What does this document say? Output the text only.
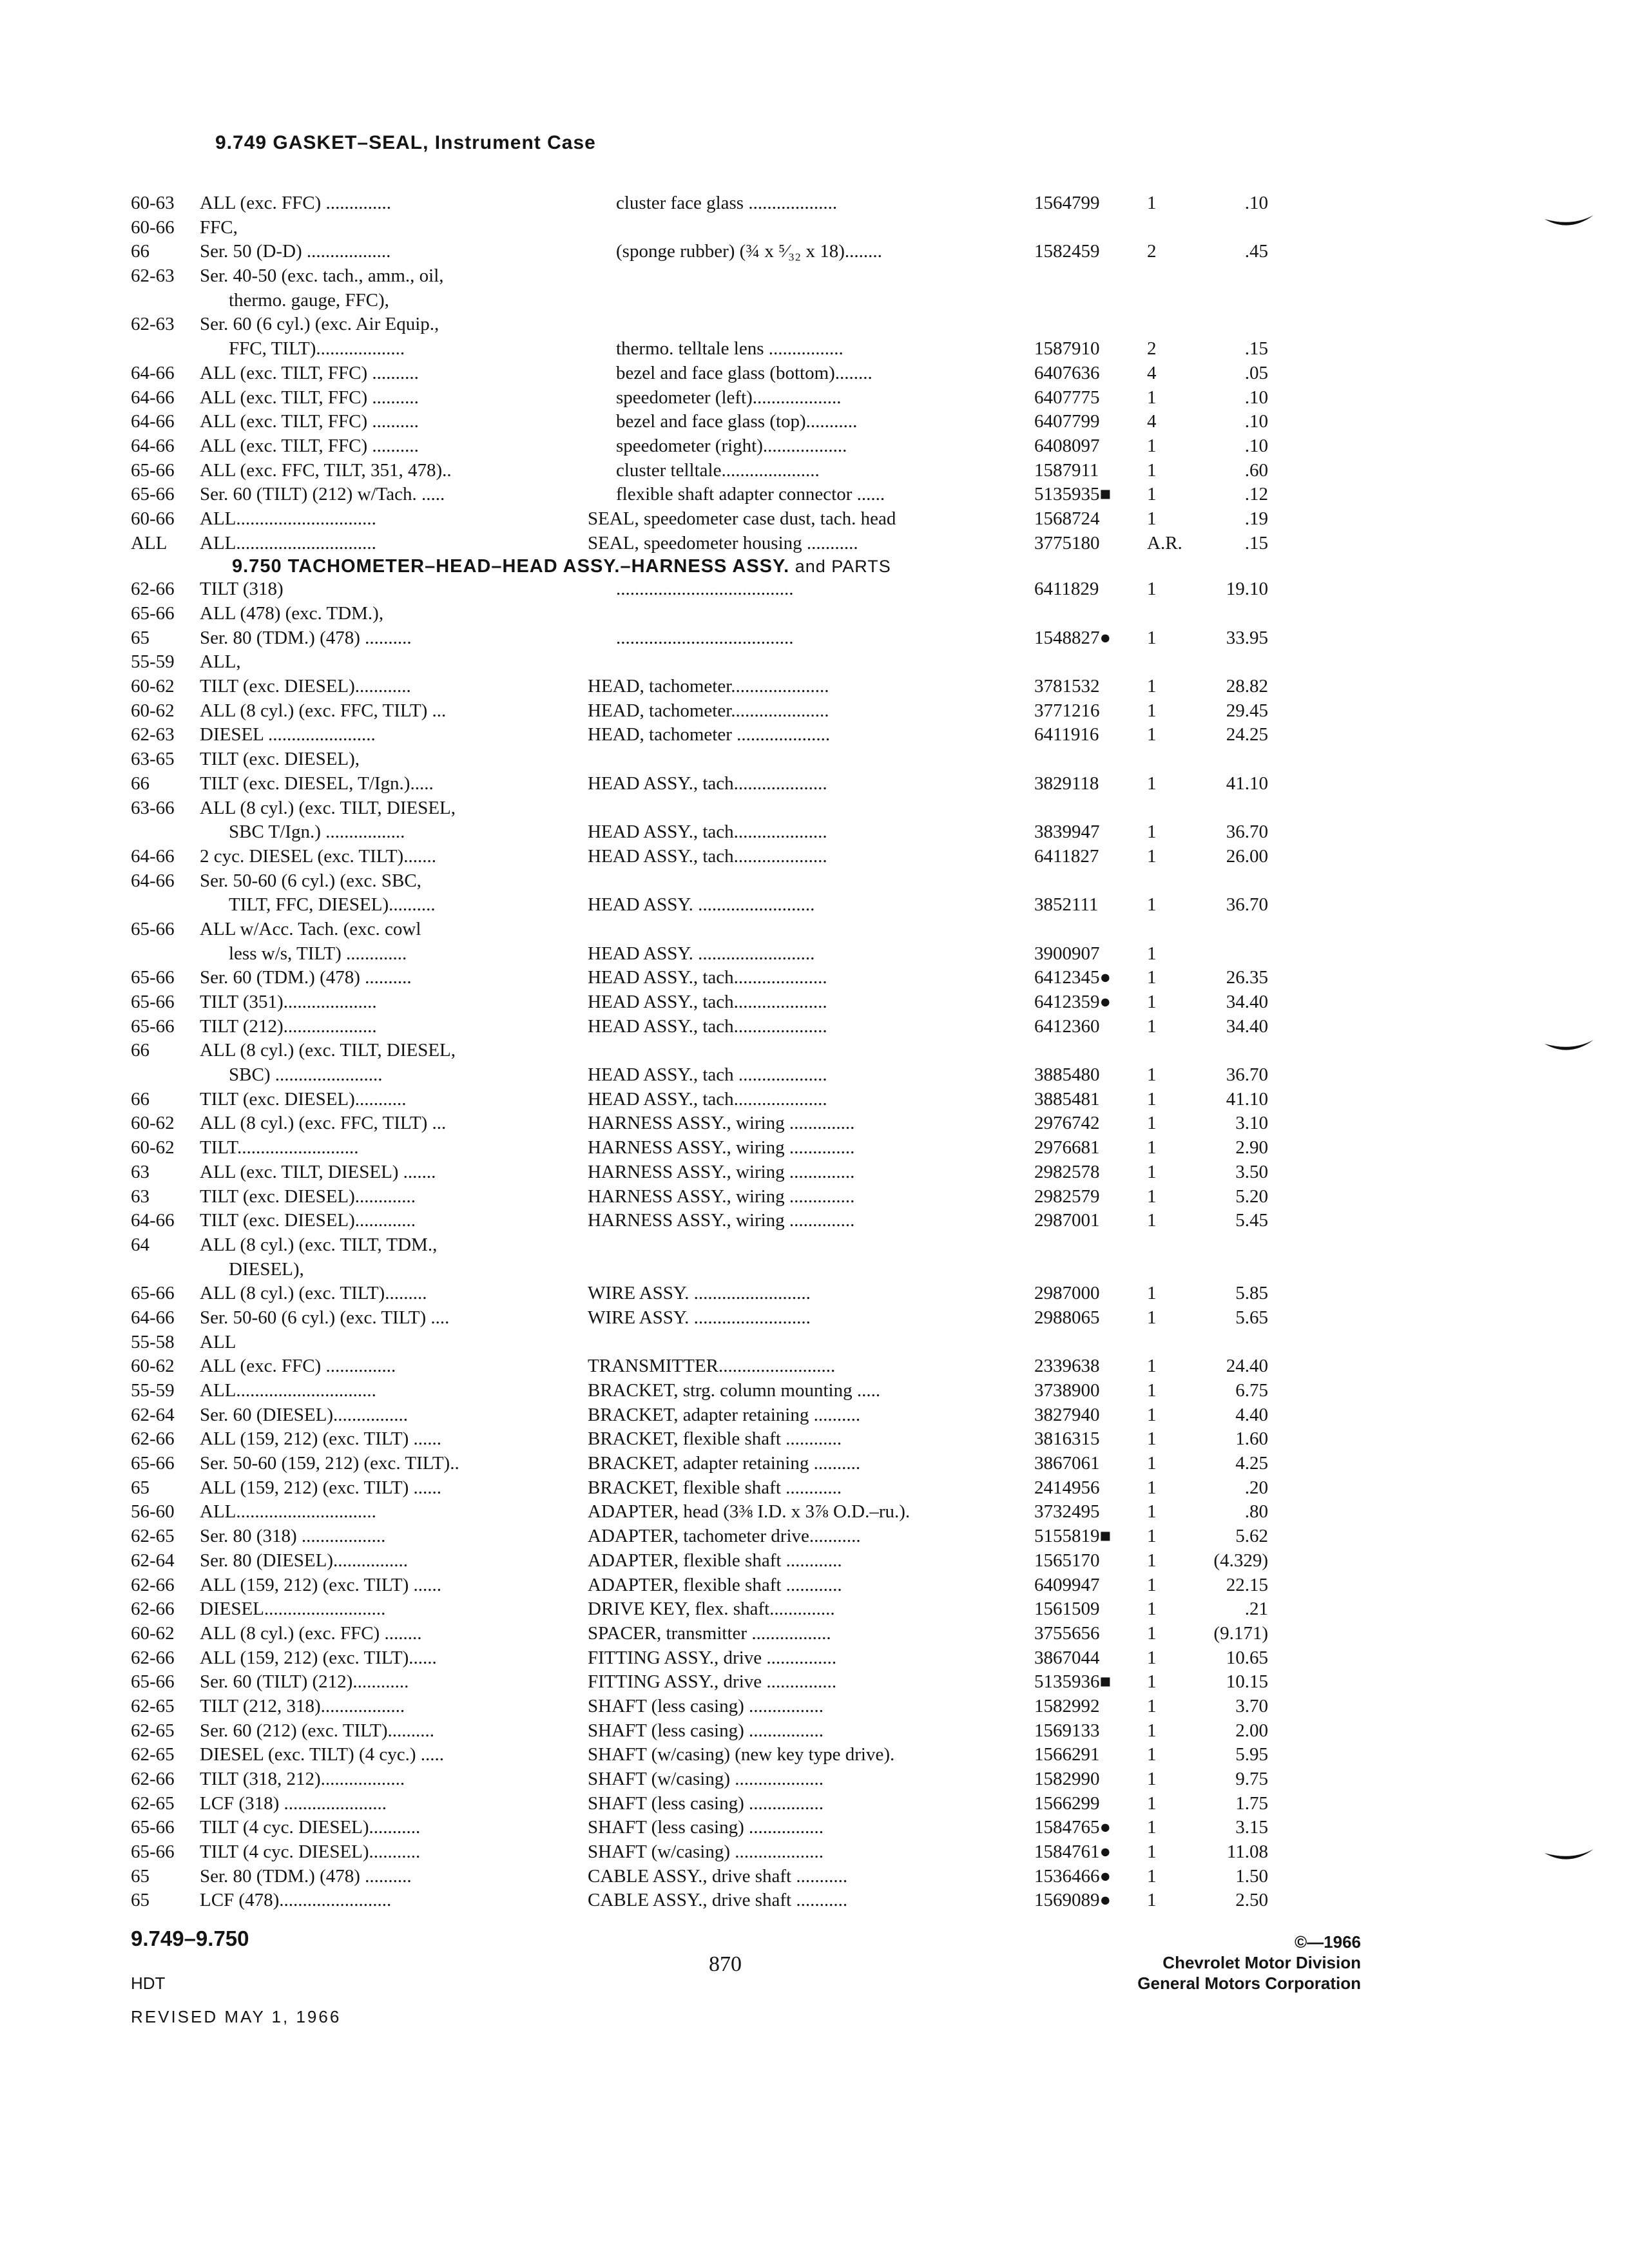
9.749 GASKET–SEAL, Instrument Case
60-63 ALL (exc. FFC) ..............	cluster face glass ...................	1564799	1	.10
60-66 FFC,
66	Ser. 50 (D-D) ..................	(sponge rubber) (¾ x ⁵⁄₃₂ x 18)........	1582459	2	.45
62-63 Ser. 40-50 (exc. tach., amm., oil,
thermo. gauge, FFC),
62-63 Ser. 60 (6 cyl.) (exc. Air Equip.,
FFC, TILT)...................	thermo. telltale lens ................	1587910	2	.15
64-66 ALL (exc. TILT, FFC) ..........	bezel and face glass (bottom)........	6407636	4	.05
64-66 ALL (exc. TILT, FFC) ..........	speedometer (left)...................	6407775	1	.10
64-66 ALL (exc. TILT, FFC) ..........	bezel and face glass (top)...........	6407799	4	.10
64-66 ALL (exc. TILT, FFC) ..........	speedometer (right)..................	6408097	1	.10
65-66 ALL (exc. FFC, TILT, 351, 478)..	cluster telltale.....................	1587911	1	.60
65-66 Ser. 60 (TILT) (212) w/Tach. .....	flexible shaft adapter connector ......	5135935■ 1	.12
60-66 ALL..............................	SEAL, speedometer case dust, tach. head	1568724	1	.19
ALL ALL..............................	SEAL, speedometer housing ...........	3775180	A.R.	.15
9.750 TACHOMETER–HEAD–HEAD ASSY.–HARNESS ASSY. and PARTS
62-66 TILT (318)	......................................	6411829	1	19.10
65-66 ALL (478) (exc. TDM.),
65	Ser. 80 (TDM.) (478) ..........	......................................	1548827● 1	33.95
55-59 ALL,
60-62 TILT (exc. DIESEL)............	HEAD, tachometer.....................	3781532	1	28.82
60-62 ALL (8 cyl.) (exc. FFC, TILT) ...	HEAD, tachometer.....................	3771216	1	29.45
62-63 DIESEL .......................	HEAD, tachometer ....................	6411916	1	24.25
63-65 TILT (exc. DIESEL),
66	TILT (exc. DIESEL, T/Ign.).....	HEAD ASSY., tach....................	3829118	1	41.10
63-66 ALL (8 cyl.) (exc. TILT, DIESEL,
SBC T/Ign.) .................	HEAD ASSY., tach....................	3839947	1	36.70
64-66 2 cyc. DIESEL (exc. TILT).......	HEAD ASSY., tach....................	6411827	1	26.00
64-66 Ser. 50-60 (6 cyl.) (exc. SBC,
TILT, FFC, DIESEL)..........	HEAD ASSY. .........................	3852111	1	36.70
65-66 ALL w/Acc. Tach. (exc. cowl
less w/s, TILT) .............	HEAD ASSY. .........................	3900907	1
65-66 Ser. 60 (TDM.) (478) ..........	HEAD ASSY., tach....................	6412345● 1	26.35
65-66 TILT (351)....................	HEAD ASSY., tach....................	6412359● 1	34.40
65-66 TILT (212)....................	HEAD ASSY., tach....................	6412360	1	34.40
66	ALL (8 cyl.) (exc. TILT, DIESEL,
SBC) .......................	HEAD ASSY., tach ...................	3885480	1	36.70
66	TILT (exc. DIESEL)...........	HEAD ASSY., tach....................	3885481	1	41.10
60-62 ALL (8 cyl.) (exc. FFC, TILT) ...	HARNESS ASSY., wiring ..............	2976742	1	3.10
60-62 TILT..........................	HARNESS ASSY., wiring ..............	2976681	1	2.90
63	ALL (exc. TILT, DIESEL) .......	HARNESS ASSY., wiring ..............	2982578	1	3.50
63	TILT (exc. DIESEL).............	HARNESS ASSY., wiring ..............	2982579	1	5.20
64-66 TILT (exc. DIESEL).............	HARNESS ASSY., wiring ..............	2987001	1	5.45
64	ALL (8 cyl.) (exc. TILT, TDM.,
DIESEL),
65-66 ALL (8 cyl.) (exc. TILT).........	WIRE ASSY. .........................	2987000	1	5.85
64-66 Ser. 50-60 (6 cyl.) (exc. TILT) ....	WIRE ASSY. .........................	2988065	1	5.65
55-58 ALL
60-62 ALL (exc. FFC) ...............	TRANSMITTER.........................	2339638	1	24.40
55-59 ALL..............................	BRACKET, strg. column mounting .....	3738900	1	6.75
62-64 Ser. 60 (DIESEL)................	BRACKET, adapter retaining ..........	3827940	1	4.40
62-66 ALL (159, 212) (exc. TILT) ......	BRACKET, flexible shaft ............	3816315	1	1.60
65-66 Ser. 50-60 (159, 212) (exc. TILT)..	BRACKET, adapter retaining ..........	3867061	1	4.25
65	ALL (159, 212) (exc. TILT) ......	BRACKET, flexible shaft ............	2414956	1	.20
56-60 ALL..............................	ADAPTER, head (3⅜ I.D. x 3⅞ O.D.–ru.).	3732495	1	.80
62-65 Ser. 80 (318) ..................	ADAPTER, tachometer drive...........	5155819■ 1	5.62
62-64 Ser. 80 (DIESEL)................	ADAPTER, flexible shaft ............	1565170	1	(4.329)
62-66 ALL (159, 212) (exc. TILT) ......	ADAPTER, flexible shaft ............	6409947	1	22.15
62-66 DIESEL..........................	DRIVE KEY, flex. shaft..............	1561509	1	.21
60-62 ALL (8 cyl.) (exc. FFC) ........	SPACER, transmitter .................	3755656	1	(9.171)
62-66 ALL (159, 212) (exc. TILT)......	FITTING ASSY., drive ...............	3867044	1	10.65
65-66 Ser. 60 (TILT) (212)............	FITTING ASSY., drive ...............	5135936■ 1	10.15
62-65 TILT (212, 318)..................	SHAFT (less casing) ................	1582992	1	3.70
62-65 Ser. 60 (212) (exc. TILT)..........	SHAFT (less casing) ................	1569133	1	2.00
62-65 DIESEL (exc. TILT) (4 cyc.) .....	SHAFT (w/casing) (new key type drive).	1566291	1	5.95
62-66 TILT (318, 212)..................	SHAFT (w/casing) ...................	1582990	1	9.75
62-65 LCF (318) ......................	SHAFT (less casing) ................	1566299	1	1.75
65-66 TILT (4 cyc. DIESEL)...........	SHAFT (less casing) ................	1584765● 1	3.15
65-66 TILT (4 cyc. DIESEL)...........	SHAFT (w/casing) ...................	1584761● 1	11.08
65	Ser. 80 (TDM.) (478) ..........	CABLE ASSY., drive shaft ...........	1536466● 1	1.50
65	LCF (478)........................	CABLE ASSY., drive shaft ...........	1569089● 1	2.50
9.749–9.750
HDT
REVISED MAY 1, 1966
870
©—1966
Chevrolet Motor Division
General Motors Corporation
